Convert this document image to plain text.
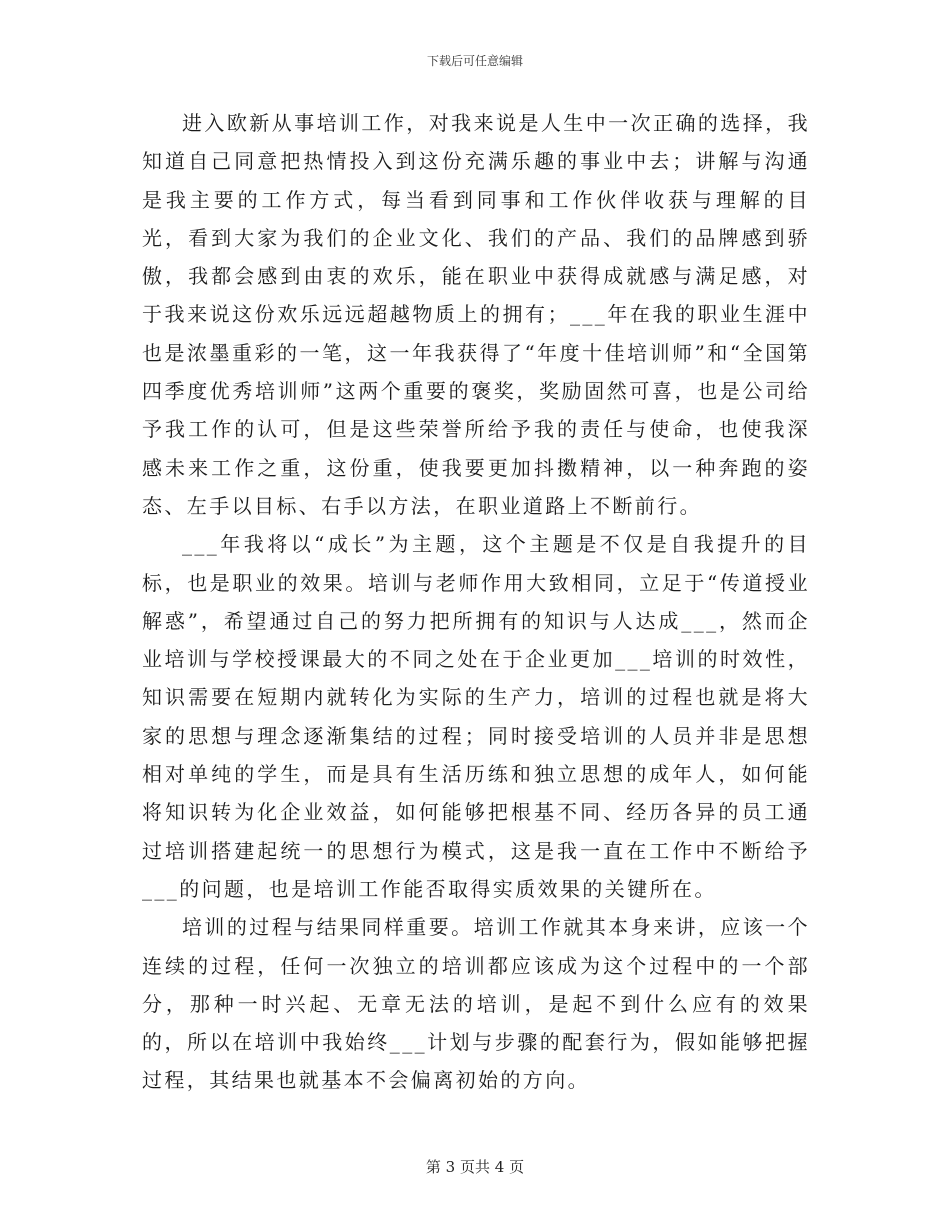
下载后可任意编辑

进入欧新从事培训工作，对我来说是人生中一次正确的选择，我知道自己同意把热情投入到这份充满乐趣的事业中去；讲解与沟通是我主要的工作方式，每当看到同事和工作伙伴收获与理解的目光，看到大家为我们的企业文化、我们的产品、我们的品牌感到骄傲，我都会感到由衷的欢乐，能在职业中获得成就感与满足感，对于我来说这份欢乐远远超越物质上的拥有；___年在我的职业生涯中也是浓墨重彩的一笔，这一年我获得了“年度十佳培训师”和“全国第四季度优秀培训师”这两个重要的褒奖，奖励固然可喜，也是公司给予我工作的认可，但是这些荣誉所给予我的责任与使命，也使我深感未来工作之重，这份重，使我要更加抖擞精神，以一种奔跑的姿态、左手以目标、右手以方法，在职业道路上不断前行。

___年我将以“成长”为主题，这个主题是不仅是自我提升的目标，也是职业的效果。培训与老师作用大致相同，立足于“传道授业解惑”，希望通过自己的努力把所拥有的知识与人达成___，然而企业培训与学校授课最大的不同之处在于企业更加___培训的时效性，知识需要在短期内就转化为实际的生产力，培训的过程也就是将大家的思想与理念逐渐集结的过程；同时接受培训的人员并非是思想相对单纯的学生，而是具有生活历练和独立思想的成年人，如何能将知识转为化企业效益，如何能够把根基不同、经历各异的员工通过培训搭建起统一的思想行为模式，这是我一直在工作中不断给予___的问题，也是培训工作能否取得实质效果的关键所在。

培训的过程与结果同样重要。培训工作就其本身来讲，应该一个连续的过程，任何一次独立的培训都应该成为这个过程中的一个部分，那种一时兴起、无章无法的培训，是起不到什么应有的效果的，所以在培训中我始终___计划与步骤的配套行为，假如能够把握过程，其结果也就基本不会偏离初始的方向。

第 3 页共 4 页
